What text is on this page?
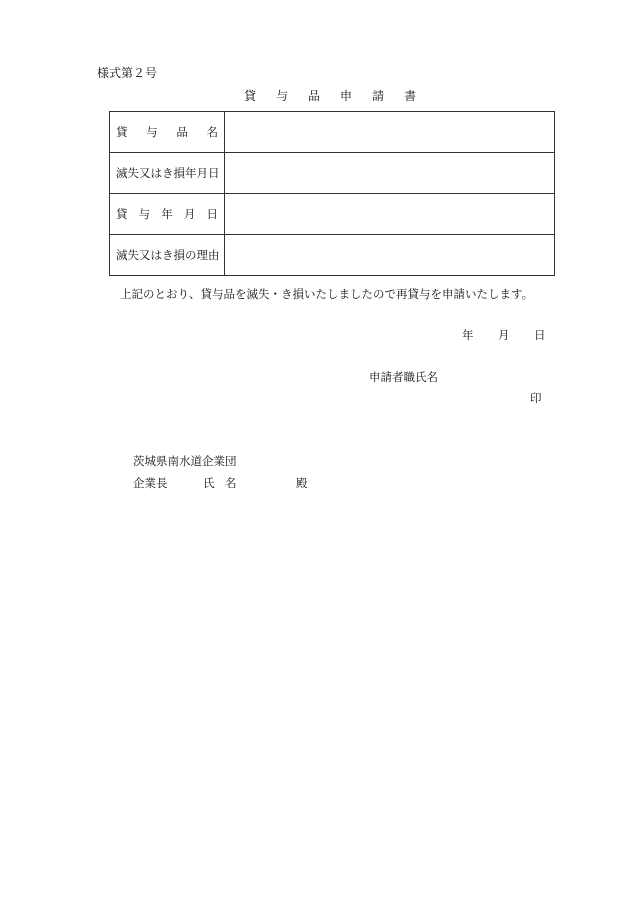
様式第２号
貸 与 品 申 請 書
貸 与 品 名	

滅失又はき損年月日	

貸 与 年 月 日	

滅失又はき損の理由	
上記のとおり、貸与品を滅失・き損いたしましたので再貸与を申請いたします。
年 月 日
申請者職氏名
印
茨城県南水道企業団
企業長	氏 名	殿
